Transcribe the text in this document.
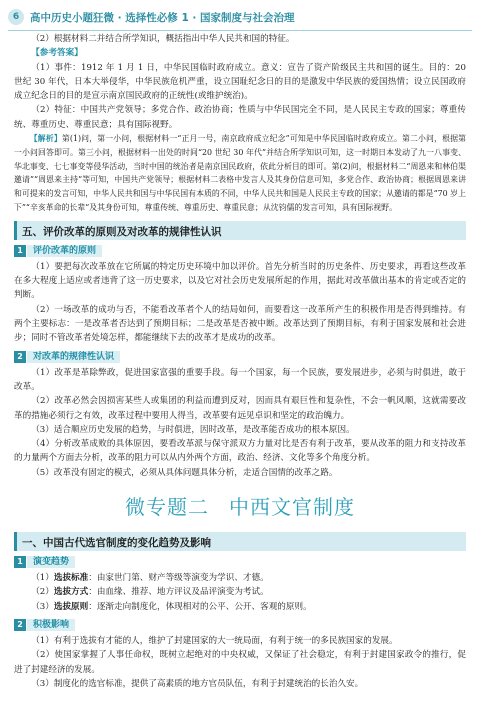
6	高中历史小题狂微 · 选择性必修 1 · 国家制度与社会治理

（2）根据材料二并结合所学知识，概括指出中华人民共和国的特征。

【参考答案】

（1）事件：1912 年 1 月 1 日，中华民国临时政府成立。意义：宣告了资产阶级民主共和国的诞生。目的：20 世纪 30 年代，日本大举侵华，中华民族危机严重，设立国耻纪念日的目的是激发中华民族的爱国热情；设立民国政府成立纪念日的目的是宣示南京国民政府的正统性(或维护统治)。

（2）特征：中国共产党领导；多党合作、政治协商；性质与中华民国完全不同，是人民民主专政的国家；尊重传统、尊重历史、尊重民意；具有国际视野。

【解析】第(1)问，第一小问，根据材料一“正月一号，南京政府成立纪念”可知是中华民国临时政府成立。第二小问，根据第一小问回答即可。第三小问，根据材料一出处的时间“20 世纪 30 年代”并结合所学知识可知，这一时期日本发动了九一八事变、华北事变、七七事变等侵华活动，当时中国的统治者是南京国民政府，依此分析目的即可。第(2)问，根据材料二“周恩来和林伯渠邀请”“周恩来主持”等可知，中国共产党领导；根据材料二表格中发言人及其身份信息可知，多党合作、政治协商；根据周恩来讲和可提来的发言可知，中华人民共和国与中华民国有本质的不同，中华人民共和国是人民民主专政的国家；从邀请的都是“70 岁上下”“辛亥革命的长辈”及其身份可知，尊重传统、尊重历史、尊重民意；从沈钧儒的发言可知，具有国际视野。

五、评价改革的原则及对改革的规律性认识
1	评价改革的原则

（1）要把每次改革放在它所属的特定历史环境中加以评价。首先分析当时的历史条件、历史要求，再看这些改革在多大程度上适应或者违背了这一历史要求，以及它对社会历史发展所起的作用，据此对改革做出基本的肯定或否定的判断。

（2）一场改革的成功与否，不能看改革者个人的结局如何，而要看这一改革所产生的积极作用是否得到维持。有两个主要标志：一是改革者否达到了预期目标；二是改革是否被中断。改革达到了预期目标，有利于国家发展和社会进步；同时不管改革者处境怎样，都能继续下去的改革才是成功的改革。

2	对改革的规律性认识

（1）改革是革除弊政，促进国家富强的重要手段。每一个国家，每一个民族，要发展进步，必须与时俱进，敢于改革。

（2）改革必然会因损害某些人或集团的利益而遭到反对，因而具有艰巨性和复杂性，不会一帆风顺，这就需要改革的措施必须行之有效，改革过程中要用人得当，改革要有远见卓识和坚定的政治魄力。

（3）适合顺应历史发展的趋势，与时俱进，因时改革，是改革能否成功的根本原因。

（4）分析改革成败的具体原因，要看改革派与保守派双方力量对比是否有利于改革，要从改革的阻力和支持改革的力量两个方面去分析，改革的阻力可以从内外两个方面，政治、经济、文化等多个角度分析。

（5）改革没有固定的模式，必须从具体问题具体分析，走适合国情的改革之路。

微专题二 中西文官制度
一、中国古代选官制度的变化趋势及影响
1	演变趋势

（1）选拔标准：由家世门第、财产等级等演变为学识、才德。

（2）选拔方式：由血缘、推荐、地方评议及品评演变为考试。

（3）选拔原则：逐渐走向制度化，体现相对的公平、公开、客观的原则。

2	积极影响

（1）有利于选拔有才能的人，维护了封建国家的大一统局面，有利于统一的多民族国家的发展。

（2）使国家掌握了人事任命权，既树立起绝对的中央权威，又保证了社会稳定，有利于封建国家政令的推行，促进了封建经济的发展。

（3）制度化的选官标准，提供了高素质的地方官员队伍，有利于封建统治的长治久安。
